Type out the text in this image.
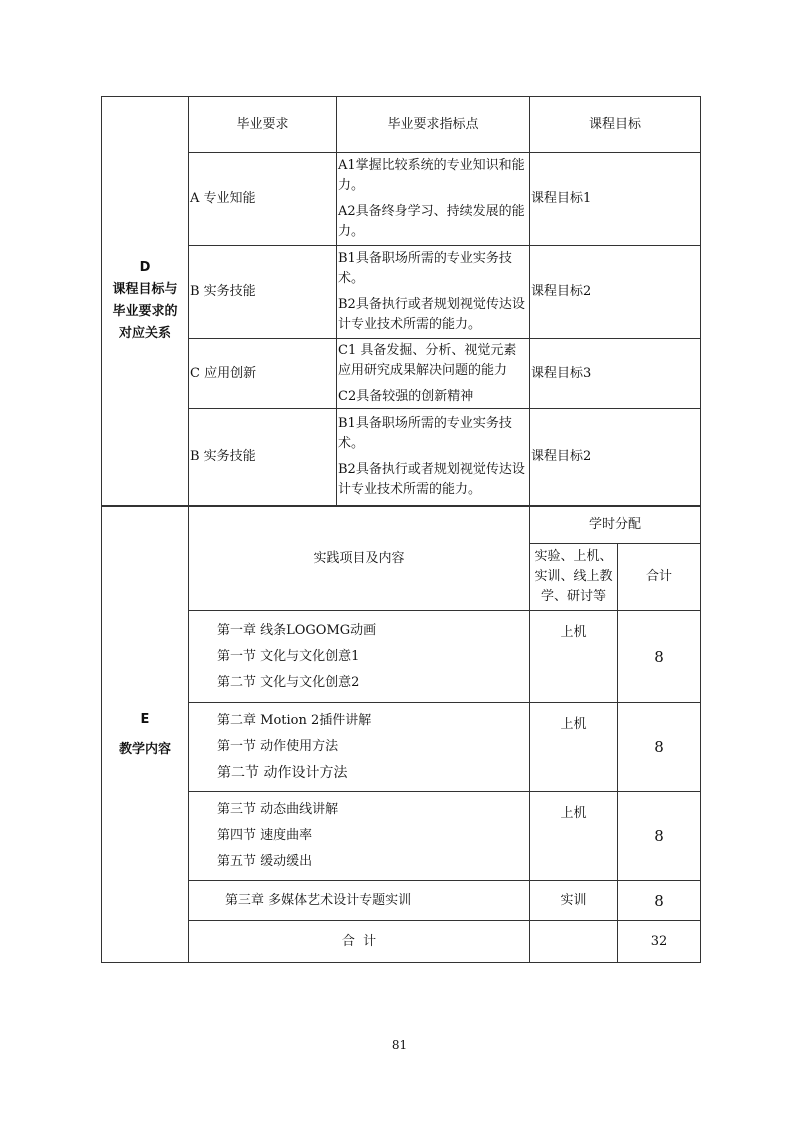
D
课程目标与
毕业要求的
对应关系	毕业要求	毕业要求指标点	课程目标
	A 专业知能	A1掌握比较系统的专业知识和能力。

A2具备终身学习、持续发展的能力。	课程目标1
	B 实务技能	B1具备职场所需的专业实务技术。

B2具备执行或者规划视觉传达设计专业技术所需的能力。	课程目标2
	C 应用创新	C1 具备发掘、分析、视觉元素应用研究成果解决问题的能力

C2具备较强的创新精神	课程目标3
	B 实务技能	B1具备职场所需的专业实务技术。

B2具备执行或者规划视觉传达设计专业技术所需的能力。	课程目标2
E
教学内容	实践项目及内容	学时分配	
		实验、上机、实训、线上教学、研讨等	合计

	第一章 线条LOGOMG动画
第一节 文化与文化创意1
第二节 文化与文化创意2	上机	8

	第二章 Motion 2插件讲解
第一节 动作使用方法
第二节 动作设计方法	上机	8

	第三节 动态曲线讲解
第四节 速度曲率
第五节 缓动缓出	上机	8
	第三章 多媒体艺术设计专题实训	实训	8
	合  计		32
81
